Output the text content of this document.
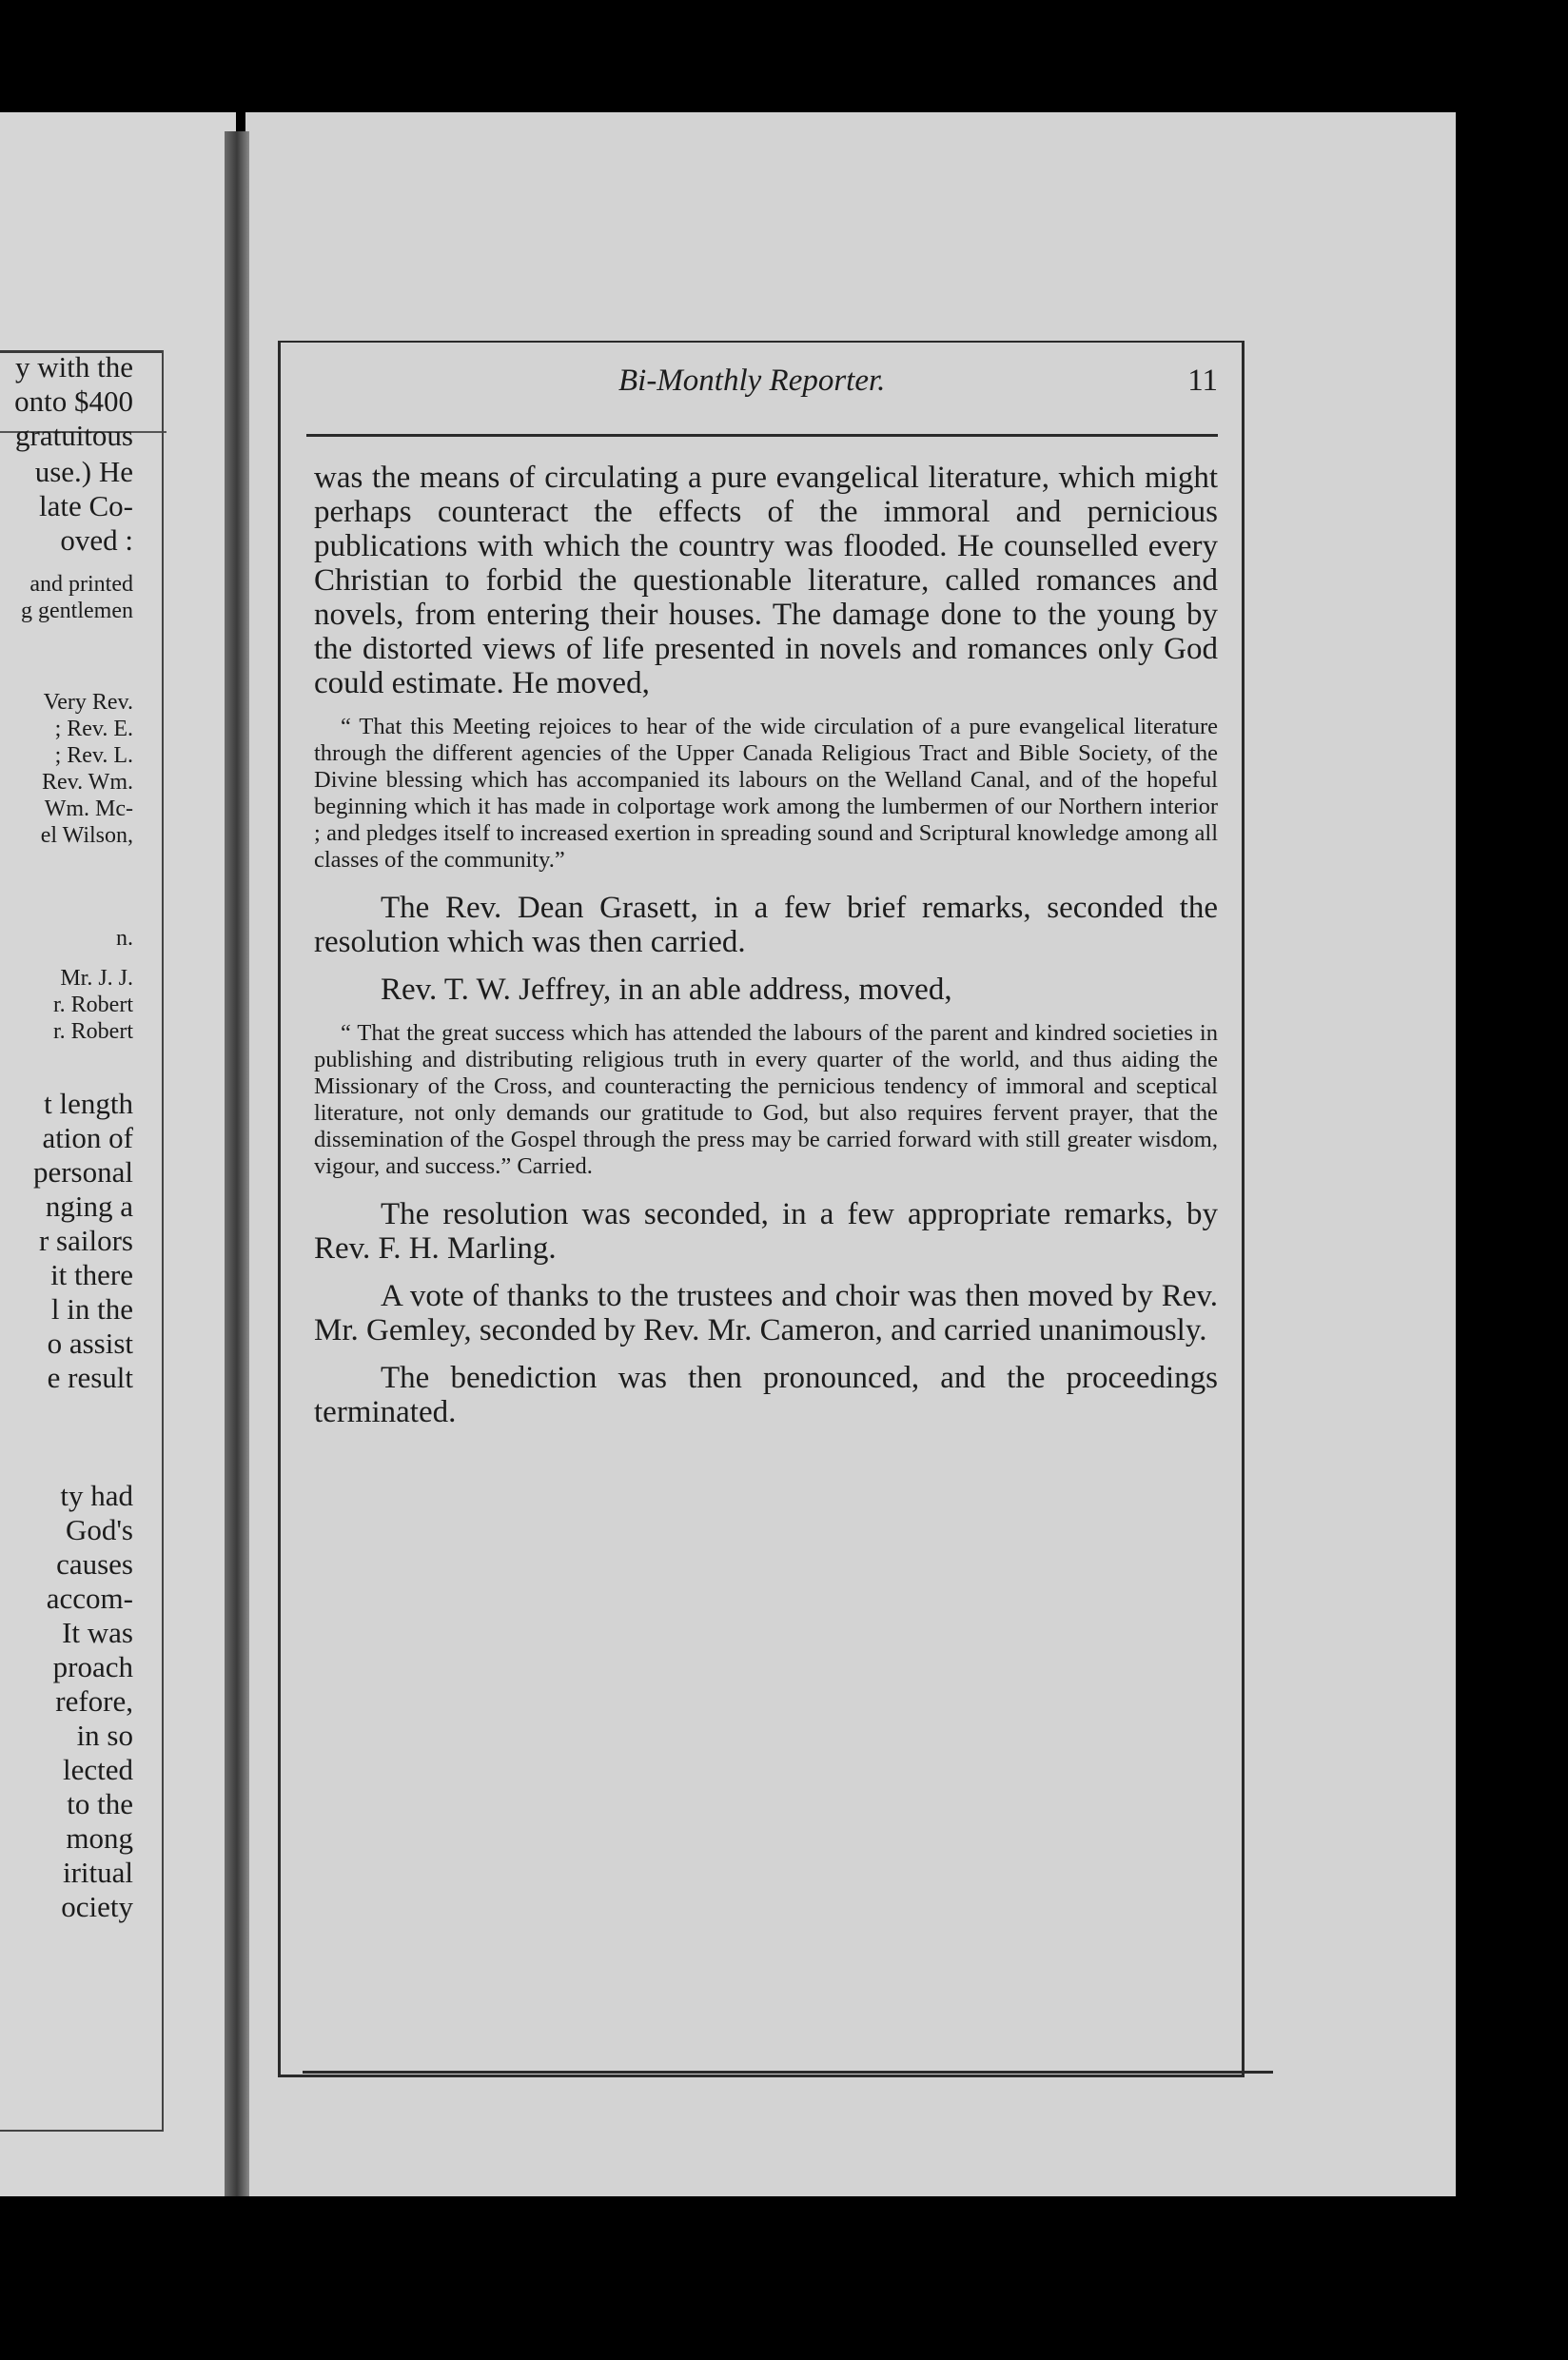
y with the
onto $400
gratuitous
use.) He
late Co-
oved :
and printed
g gentlemen
Very Rev.
; Rev. E.
; Rev. L.
Rev. Wm.
Wm. Mc-
el Wilson,
n.
Mr. J. J.
r. Robert
r. Robert
t length
ation of
personal
nging a
r sailors
it there
l in the
o assist
e result
ty had
God's
causes
accom-
It was
proach
refore,
in so
lected
to the
mong
iritual
ociety
Bi-Monthly Reporter.	11

was the means of circulating a pure evangelical literature, which might perhaps counteract the effects of the immoral and pernicious publications with which the country was flooded. He counselled every Christian to forbid the questionable literature, called romances and novels, from entering their houses. The damage done to the young by the distorted views of life presented in novels and romances only God could estimate. He moved,

“ That this Meeting rejoices to hear of the wide circulation of a pure evangelical literature through the different agencies of the Upper Canada Religious Tract and Bible Society, of the Divine blessing which has accompanied its labours on the Welland Canal, and of the hopeful beginning which it has made in colportage work among the lumbermen of our Northern interior ; and pledges itself to increased exertion in spreading sound and Scriptural knowledge among all classes of the community.”

The Rev. Dean Grasett, in a few brief remarks, seconded the resolution which was then carried.

Rev. T. W. Jeffrey, in an able address, moved,

“ That the great success which has attended the labours of the parent and kindred societies in publishing and distributing religious truth in every quarter of the world, and thus aiding the Missionary of the Cross, and counteracting the pernicious tendency of immoral and sceptical literature, not only demands our gratitude to God, but also requires fervent prayer, that the dissemination of the Gospel through the press may be carried forward with still greater wisdom, vigour, and success.” Carried.

The resolution was seconded, in a few appropriate remarks, by Rev. F. H. Marling.

A vote of thanks to the trustees and choir was then moved by Rev. Mr. Gemley, seconded by Rev. Mr. Cameron, and carried unanimously.

The benediction was then pronounced, and the proceedings terminated.
